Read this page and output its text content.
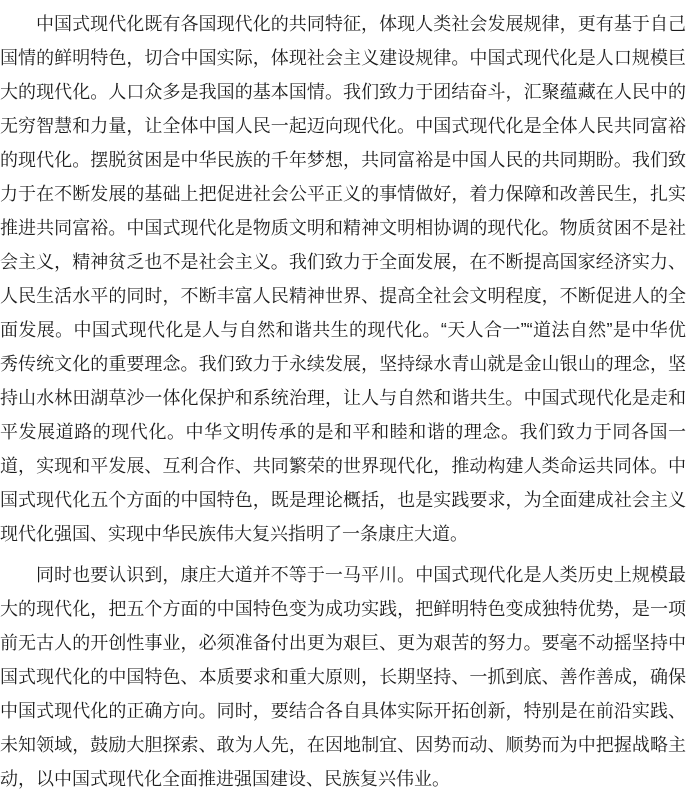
中国式现代化既有各国现代化的共同特征，体现人类社会发展规律，更有基于自己国情的鲜明特色，切合中国实际，体现社会主义建设规律。中国式现代化是人口规模巨大的现代化。人口众多是我国的基本国情。我们致力于团结奋斗，汇聚蕴藏在人民中的无穷智慧和力量，让全体中国人民一起迈向现代化。中国式现代化是全体人民共同富裕的现代化。摆脱贫困是中华民族的千年梦想，共同富裕是中国人民的共同期盼。我们致力于在不断发展的基础上把促进社会公平正义的事情做好，着力保障和改善民生，扎实推进共同富裕。中国式现代化是物质文明和精神文明相协调的现代化。物质贫困不是社会主义，精神贫乏也不是社会主义。我们致力于全面发展，在不断提高国家经济实力、人民生活水平的同时，不断丰富人民精神世界、提高全社会文明程度，不断促进人的全面发展。中国式现代化是人与自然和谐共生的现代化。“天人合一”“道法自然”是中华优秀传统文化的重要理念。我们致力于永续发展，坚持绿水青山就是金山银山的理念，坚持山水林田湖草沙一体化保护和系统治理，让人与自然和谐共生。中国式现代化是走和平发展道路的现代化。中华文明传承的是和平和睦和谐的理念。我们致力于同各国一道，实现和平发展、互利合作、共同繁荣的世界现代化，推动构建人类命运共同体。中国式现代化五个方面的中国特色，既是理论概括，也是实践要求，为全面建成社会主义现代化强国、实现中华民族伟大复兴指明了一条康庄大道。

同时也要认识到，康庄大道并不等于一马平川。中国式现代化是人类历史上规模最大的现代化，把五个方面的中国特色变为成功实践，把鲜明特色变成独特优势，是一项前无古人的开创性事业，必须准备付出更为艰巨、更为艰苦的努力。要毫不动摇坚持中国式现代化的中国特色、本质要求和重大原则，长期坚持、一抓到底、善作善成，确保中国式现代化的正确方向。同时，要结合各自具体实际开拓创新，特别是在前沿实践、未知领域，鼓励大胆探索、敢为人先，在因地制宜、因势而动、顺势而为中把握战略主动，以中国式现代化全面推进强国建设、民族复兴伟业。
